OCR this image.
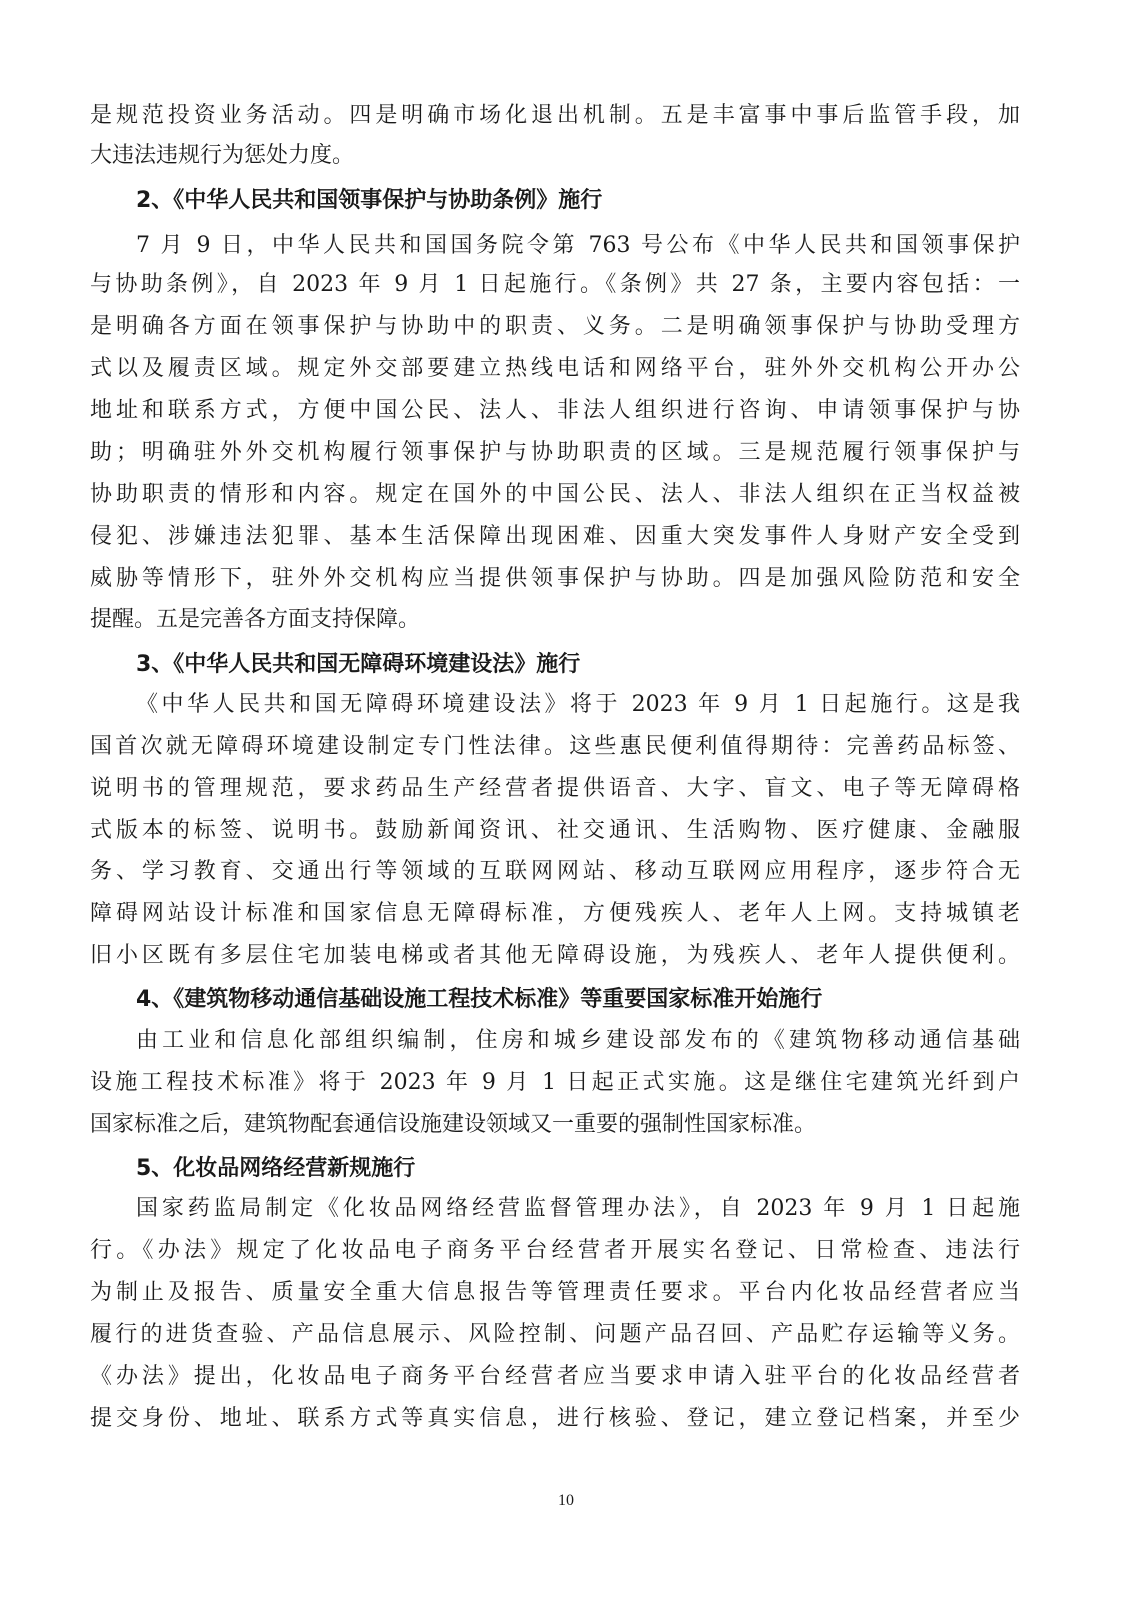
是规范投资业务活动。四是明确市场化退出机制。五是丰富事中事后监管手段，加
大违法违规行为惩处力度。
2、《中华人民共和国领事保护与协助条例》施行
7 月 9 日，中华人民共和国国务院令第 763 号公布《中华人民共和国领事保护
与协助条例》，自 2023 年 9 月 1 日起施行。《条例》共 27 条，主要内容包括：一
是明确各方面在领事保护与协助中的职责、义务。二是明确领事保护与协助受理方
式以及履责区域。规定外交部要建立热线电话和网络平台，驻外外交机构公开办公
地址和联系方式，方便中国公民、法人、非法人组织进行咨询、申请领事保护与协
助；明确驻外外交机构履行领事保护与协助职责的区域。三是规范履行领事保护与
协助职责的情形和内容。规定在国外的中国公民、法人、非法人组织在正当权益被
侵犯、涉嫌违法犯罪、基本生活保障出现困难、因重大突发事件人身财产安全受到
威胁等情形下，驻外外交机构应当提供领事保护与协助。四是加强风险防范和安全
提醒。五是完善各方面支持保障。
3、《中华人民共和国无障碍环境建设法》施行
《中华人民共和国无障碍环境建设法》将于 2023 年 9 月 1 日起施行。这是我
国首次就无障碍环境建设制定专门性法律。这些惠民便利值得期待：完善药品标签、
说明书的管理规范，要求药品生产经营者提供语音、大字、盲文、电子等无障碍格
式版本的标签、说明书。鼓励新闻资讯、社交通讯、生活购物、医疗健康、金融服
务、学习教育、交通出行等领域的互联网网站、移动互联网应用程序，逐步符合无
障碍网站设计标准和国家信息无障碍标准，方便残疾人、老年人上网。支持城镇老
旧小区既有多层住宅加装电梯或者其他无障碍设施，为残疾人、老年人提供便利。
4、《建筑物移动通信基础设施工程技术标准》等重要国家标准开始施行
由工业和信息化部组织编制，住房和城乡建设部发布的《建筑物移动通信基础
设施工程技术标准》将于 2023 年 9 月 1 日起正式实施。这是继住宅建筑光纤到户
国家标准之后，建筑物配套通信设施建设领域又一重要的强制性国家标准。
5、化妆品网络经营新规施行
国家药监局制定《化妆品网络经营监督管理办法》，自 2023 年 9 月 1 日起施
行。《办法》规定了化妆品电子商务平台经营者开展实名登记、日常检查、违法行
为制止及报告、质量安全重大信息报告等管理责任要求。平台内化妆品经营者应当
履行的进货查验、产品信息展示、风险控制、问题产品召回、产品贮存运输等义务。
《办法》提出，化妆品电子商务平台经营者应当要求申请入驻平台的化妆品经营者
提交身份、地址、联系方式等真实信息，进行核验、登记，建立登记档案，并至少
10
